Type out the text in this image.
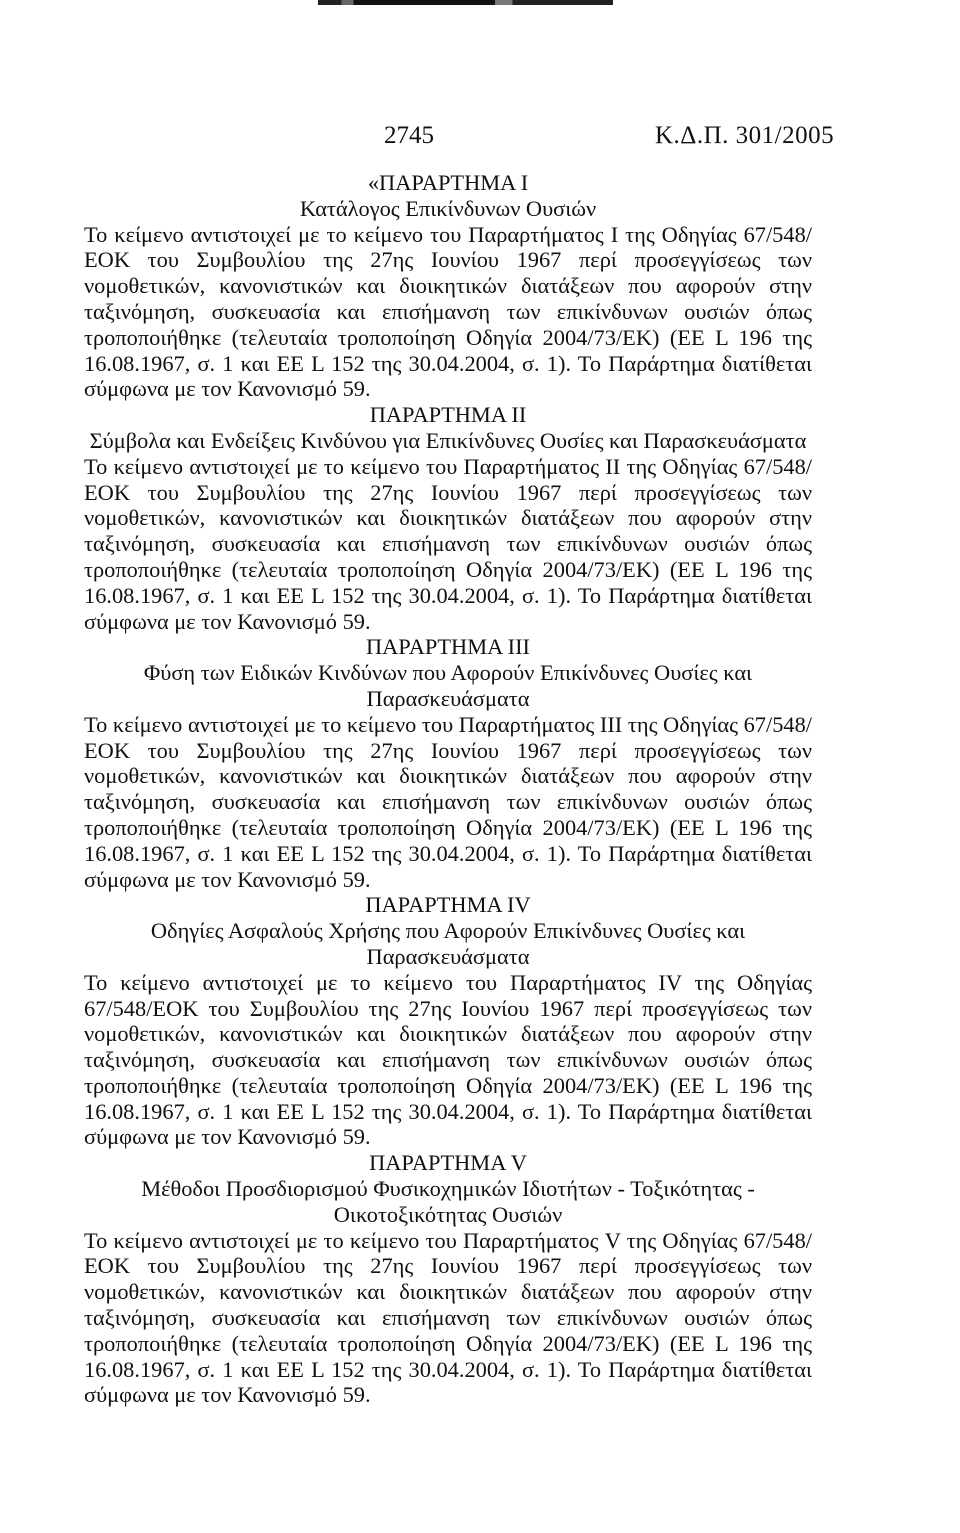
2745	Κ.Δ.Π. 301/2005

«ΠΑΡΑΡΤΗΜΑ I

Κατάλογος Επικίνδυνων Ουσιών

Το κείμενο αντιστοιχεί με το κείμενο του Παραρτήματος I της Οδηγίας 67/548/ΕΟΚ του Συμβουλίου της 27ης Ιουνίου 1967 περί προσεγγίσεως των νομοθετικών, κανονιστικών και διοικητικών διατάξεων που αφορούν στην ταξινόμηση, συσκευασία και επισήμανση των επικίνδυνων ουσιών όπως τροποποιήθηκε (τελευταία τροποποίηση Οδηγία 2004/73/ΕΚ) (ΕΕ L 196 της 16.08.1967, σ. 1 και ΕΕ L 152 της 30.04.2004, σ. 1). Το Παράρτημα διατίθεται σύμφωνα με τον Κανονισμό 59.

ΠΑΡΑΡΤΗΜΑ II

Σύμβολα και Ενδείξεις Κινδύνου για Επικίνδυνες Ουσίες και Παρασκευάσματα

Το κείμενο αντιστοιχεί με το κείμενο του Παραρτήματος II της Οδηγίας 67/548/ΕΟΚ του Συμβουλίου της 27ης Ιουνίου 1967 περί προσεγγίσεως των νομοθετικών, κανονιστικών και διοικητικών διατάξεων που αφορούν στην ταξινόμηση, συσκευασία και επισήμανση των επικίνδυνων ουσιών όπως τροποποιήθηκε (τελευταία τροποποίηση Οδηγία 2004/73/ΕΚ) (ΕΕ L 196 της 16.08.1967, σ. 1 και ΕΕ L 152 της 30.04.2004, σ. 1). Το Παράρτημα διατίθεται σύμφωνα με τον Κανονισμό 59.

ΠΑΡΑΡΤΗΜΑ III

Φύση των Ειδικών Κινδύνων που Αφορούν Επικίνδυνες Ουσίες και Παρασκευάσματα

Το κείμενο αντιστοιχεί με το κείμενο του Παραρτήματος III της Οδηγίας 67/548/ΕΟΚ του Συμβουλίου της 27ης Ιουνίου 1967 περί προσεγγίσεως των νομοθετικών, κανονιστικών και διοικητικών διατάξεων που αφορούν στην ταξινόμηση, συσκευασία και επισήμανση των επικίνδυνων ουσιών όπως τροποποιήθηκε (τελευταία τροποποίηση Οδηγία 2004/73/ΕΚ) (ΕΕ L 196 της 16.08.1967, σ. 1 και ΕΕ L 152 της 30.04.2004, σ. 1). Το Παράρτημα διατίθεται σύμφωνα με τον Κανονισμό 59.

ΠΑΡΑΡΤΗΜΑ IV

Οδηγίες Ασφαλούς Χρήσης που Αφορούν Επικίνδυνες Ουσίες και Παρασκευάσματα

Το κείμενο αντιστοιχεί με το κείμενο του Παραρτήματος IV της Οδηγίας 67/548/ΕΟΚ του Συμβουλίου της 27ης Ιουνίου 1967 περί προσεγγίσεως των νομοθετικών, κανονιστικών και διοικητικών διατάξεων που αφορούν στην ταξινόμηση, συσκευασία και επισήμανση των επικίνδυνων ουσιών όπως τροποποιήθηκε (τελευταία τροποποίηση Οδηγία 2004/73/ΕΚ) (ΕΕ L 196 της 16.08.1967, σ. 1 και ΕΕ L 152 της 30.04.2004, σ. 1). Το Παράρτημα διατίθεται σύμφωνα με τον Κανονισμό 59.

ΠΑΡΑΡΤΗΜΑ V

Μέθοδοι Προσδιορισμού Φυσικοχημικών Ιδιοτήτων - Τοξικότητας - Οικοτοξικότητας Ουσιών

Το κείμενο αντιστοιχεί με το κείμενο του Παραρτήματος V της Οδηγίας 67/548/ΕΟΚ του Συμβουλίου της 27ης Ιουνίου 1967 περί προσεγγίσεως των νομοθετικών, κανονιστικών και διοικητικών διατάξεων που αφορούν στην ταξινόμηση, συσκευασία και επισήμανση των επικίνδυνων ουσιών όπως τροποποιήθηκε (τελευταία τροποποίηση Οδηγία 2004/73/ΕΚ) (ΕΕ L 196 της 16.08.1967, σ. 1 και ΕΕ L 152 της 30.04.2004, σ. 1). Το Παράρτημα διατίθεται σύμφωνα με τον Κανονισμό 59.
